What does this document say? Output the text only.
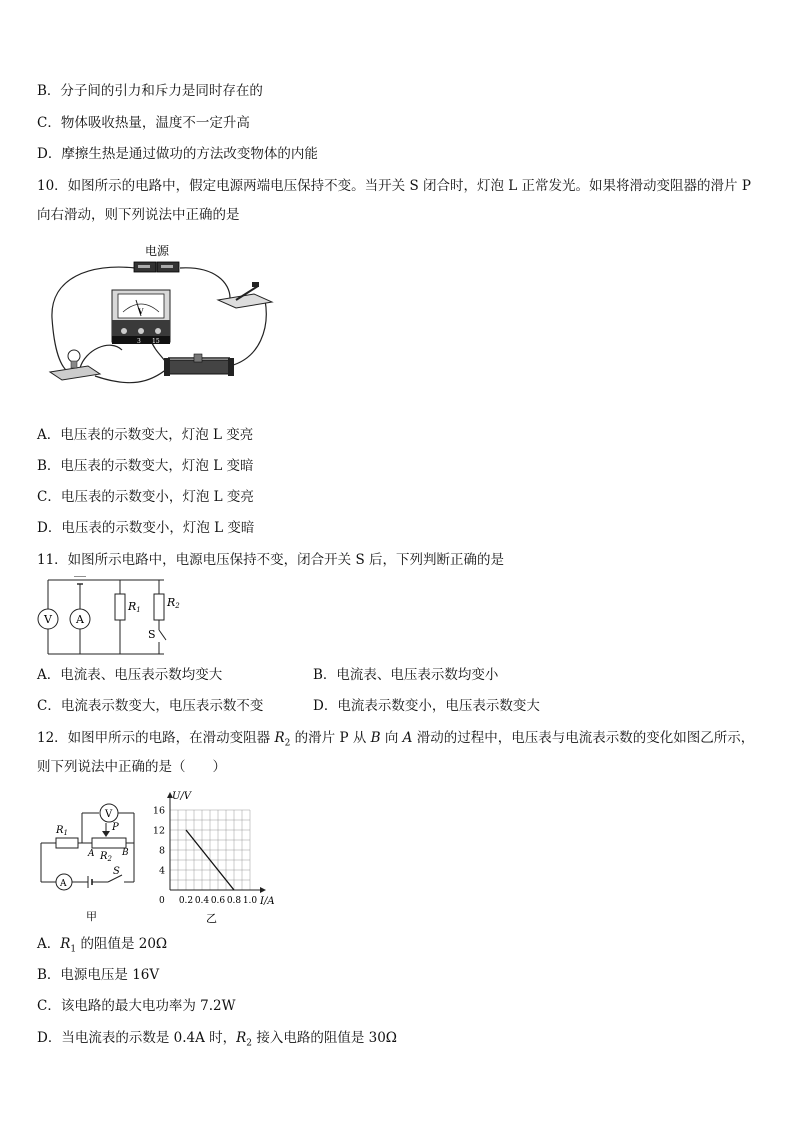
B．分子间的引力和斥力是同时存在的
C．物体吸收热量，温度不一定升高
D．摩擦生热是通过做功的方法改变物体的内能
10．如图所示的电路中，假定电源两端电压保持不变。当开关 S 闭合时，灯泡 L 正常发光。如果将滑动变阻器的滑片 P
向右滑动，则下列说法中正确的是
电源
V
3 15
A．电压表的示数变大，灯泡 L 变亮
B．电压表的示数变大，灯泡 L 变暗
C．电压表的示数变小，灯泡 L 变亮
D．电压表的示数变小，灯泡 L 变暗
11．如图所示电路中，电源电压保持不变，闭合开关 S 后，下列判断正确的是
V A
R1
R2
S
A．电流表、电压表示数均变大	B．电流表、电压表示数均变小
C．电流表示数变大，电压表示数不变	D．电流表示数变小，电压表示数变大
12．如图甲所示的电路，在滑动变阻器 $R_2$ 的滑片 P 从 B 向 A 滑动的过程中，电压表与电流表示数的变化如图乙所示，
则下列说法中正确的是（　　）
V
P
A $R_2$
B
$R_1$
A
S
甲
16
12
8
4
0 0.2 0.4 0.6 0.8 1.0
U/V
I/A
乙
A．$R_1$ 的阻值是 20Ω
B．电源电压是 16V
C．该电路的最大电功率为 7.2W
D．当电流表的示数是 0.4A 时，$R_2$ 接入电路的阻值是 30Ω
